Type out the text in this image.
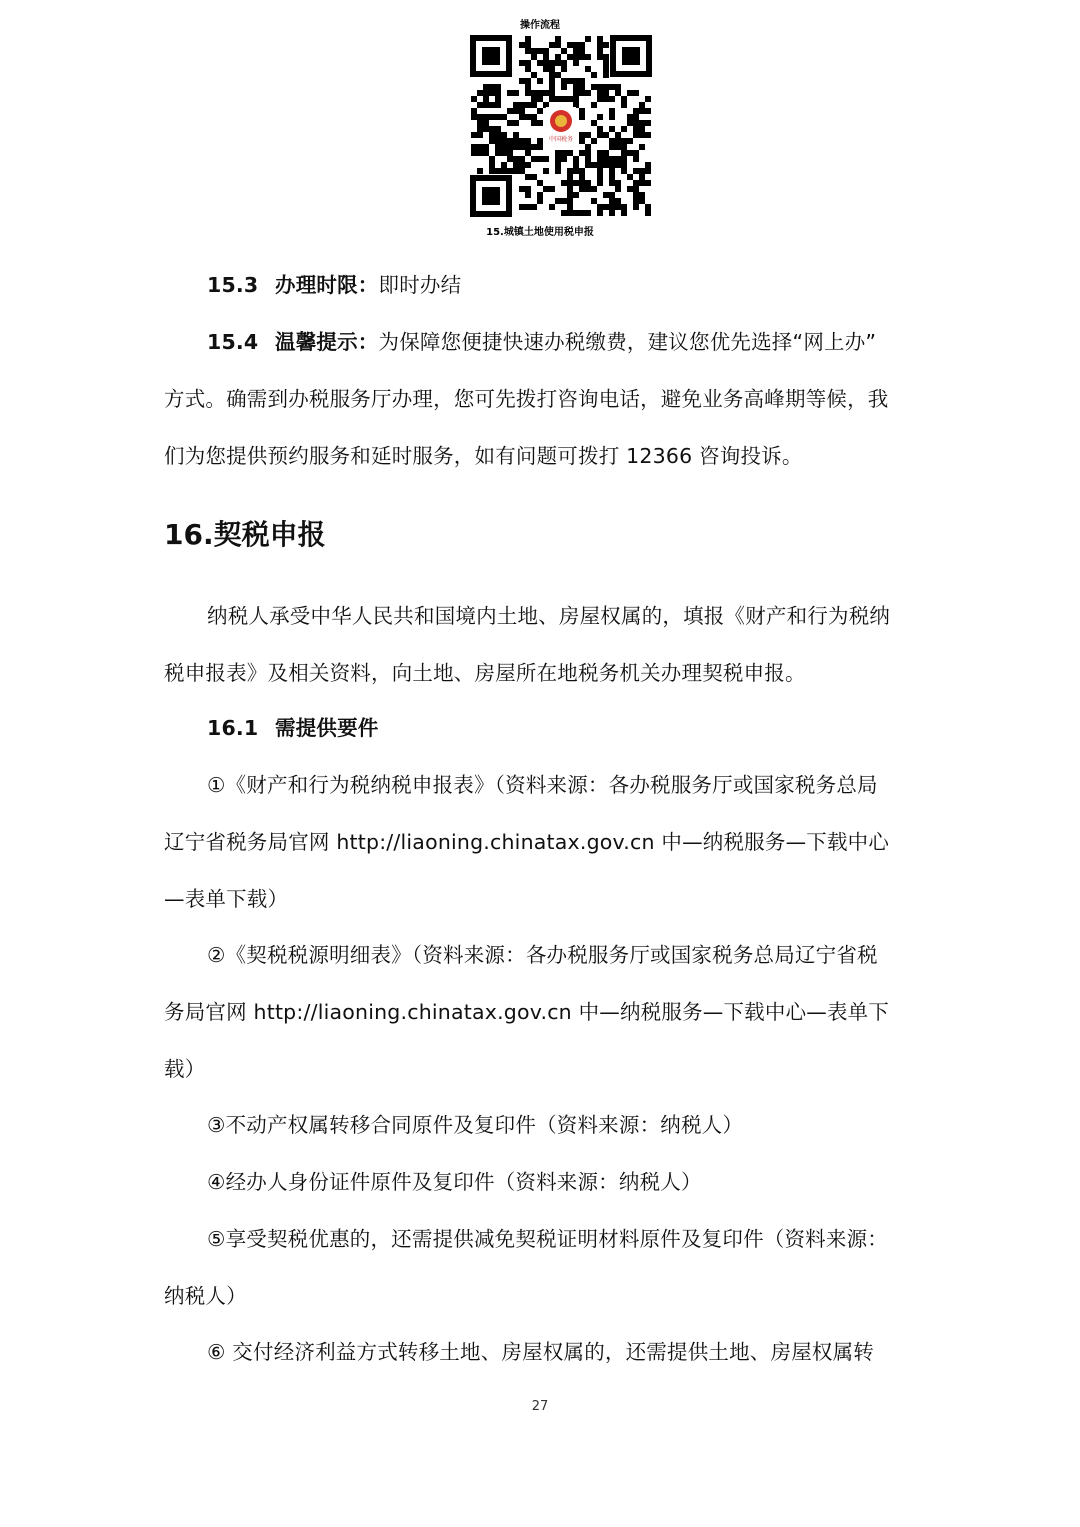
操作流程
中国税务
15.城镇土地使用税申报
15.3 办理时限：即时办结
15.4 温馨提示：为保障您便捷快速办税缴费，建议您优先选择“网上办”
方式。确需到办税服务厅办理，您可先拨打咨询电话，避免业务高峰期等候，我
们为您提供预约服务和延时服务，如有问题可拨打 12366 咨询投诉。
16.契税申报
纳税人承受中华人民共和国境内土地、房屋权属的，填报《财产和行为税纳
税申报表》及相关资料，向土地、房屋所在地税务机关办理契税申报。
16.1 需提供要件
①《财产和行为税纳税申报表》（资料来源：各办税服务厅或国家税务总局
辽宁省税务局官网 http://liaoning.chinatax.gov.cn 中—纳税服务—下载中心
—表单下载）
②《契税税源明细表》（资料来源：各办税服务厅或国家税务总局辽宁省税
务局官网 http://liaoning.chinatax.gov.cn 中—纳税服务—下载中心—表单下
载）
③不动产权属转移合同原件及复印件（资料来源：纳税人）
④经办人身份证件原件及复印件（资料来源：纳税人）
⑤享受契税优惠的，还需提供减免契税证明材料原件及复印件（资料来源：
纳税人）
⑥ 交付经济利益方式转移土地、房屋权属的，还需提供土地、房屋权属转
27
